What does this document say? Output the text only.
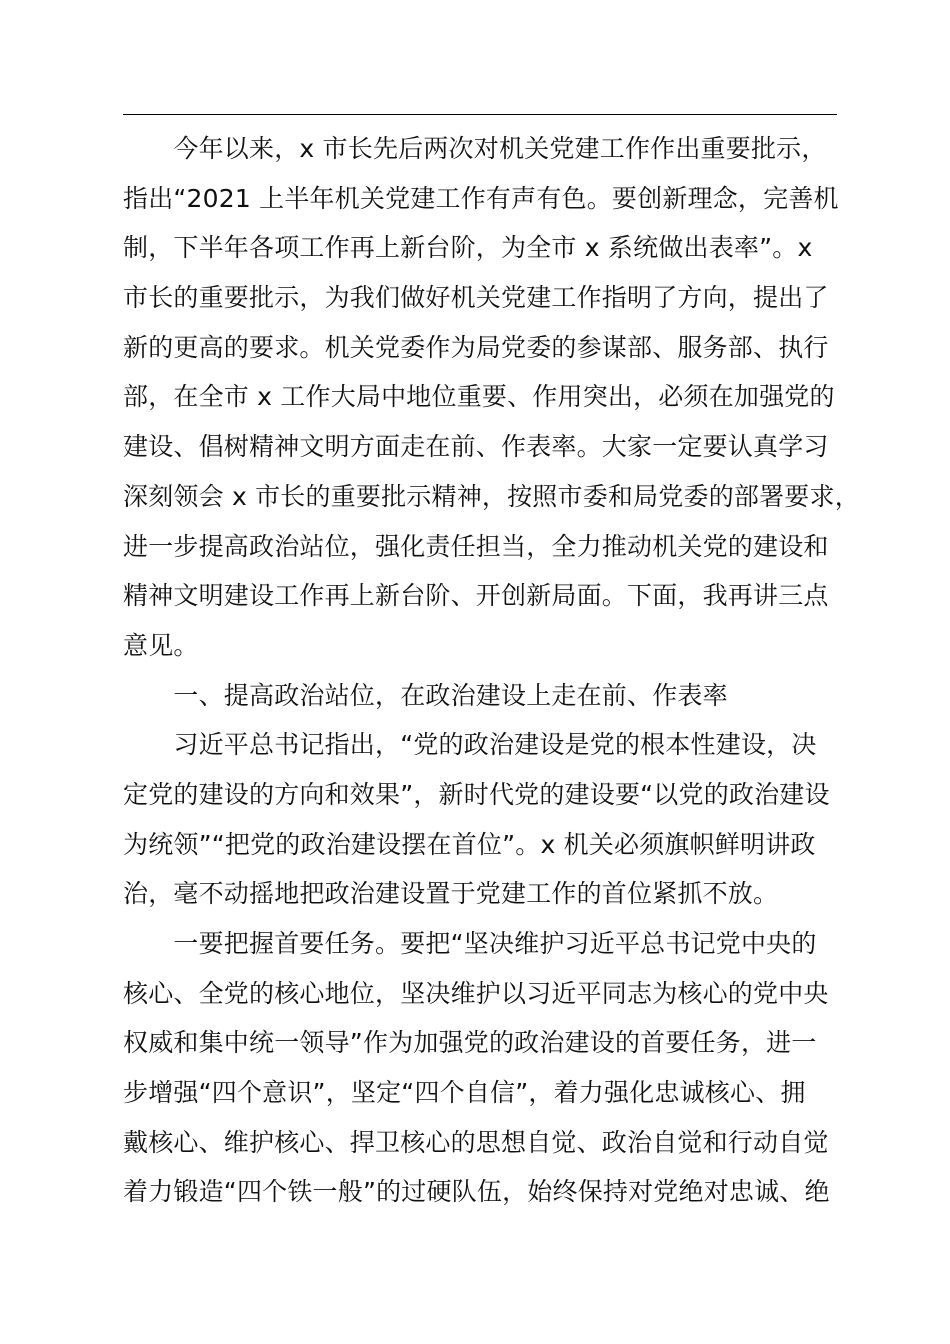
　　今年以来，x 市长先后两次对机关党建工作作出重要批示，
指出“2021 上半年机关党建工作有声有色。要创新理念，完善机
制，下半年各项工作再上新台阶，为全市 x 系统做出表率”。x
市长的重要批示，为我们做好机关党建工作指明了方向，提出了
新的更高的要求。机关党委作为局党委的参谋部、服务部、执行
部，在全市 x 工作大局中地位重要、作用突出，必须在加强党的
建设、倡树精神文明方面走在前、作表率。大家一定要认真学习
深刻领会 x 市长的重要批示精神，按照市委和局党委的部署要求，
进一步提高政治站位，强化责任担当，全力推动机关党的建设和
精神文明建设工作再上新台阶、开创新局面。下面，我再讲三点
意见。
　　一、提高政治站位，在政治建设上走在前、作表率
　　习近平总书记指出，“党的政治建设是党的根本性建设，决
定党的建设的方向和效果”，新时代党的建设要“以党的政治建设
为统领”“把党的政治建设摆在首位”。x 机关必须旗帜鲜明讲政
治，毫不动摇地把政治建设置于党建工作的首位紧抓不放。
　　一要把握首要任务。要把“坚决维护习近平总书记党中央的
核心、全党的核心地位，坚决维护以习近平同志为核心的党中央
权威和集中统一领导”作为加强党的政治建设的首要任务，进一
步增强“四个意识”，坚定“四个自信”，着力强化忠诚核心、拥
戴核心、维护核心、捍卫核心的思想自觉、政治自觉和行动自觉
着力锻造“四个铁一般”的过硬队伍，始终保持对党绝对忠诚、绝
